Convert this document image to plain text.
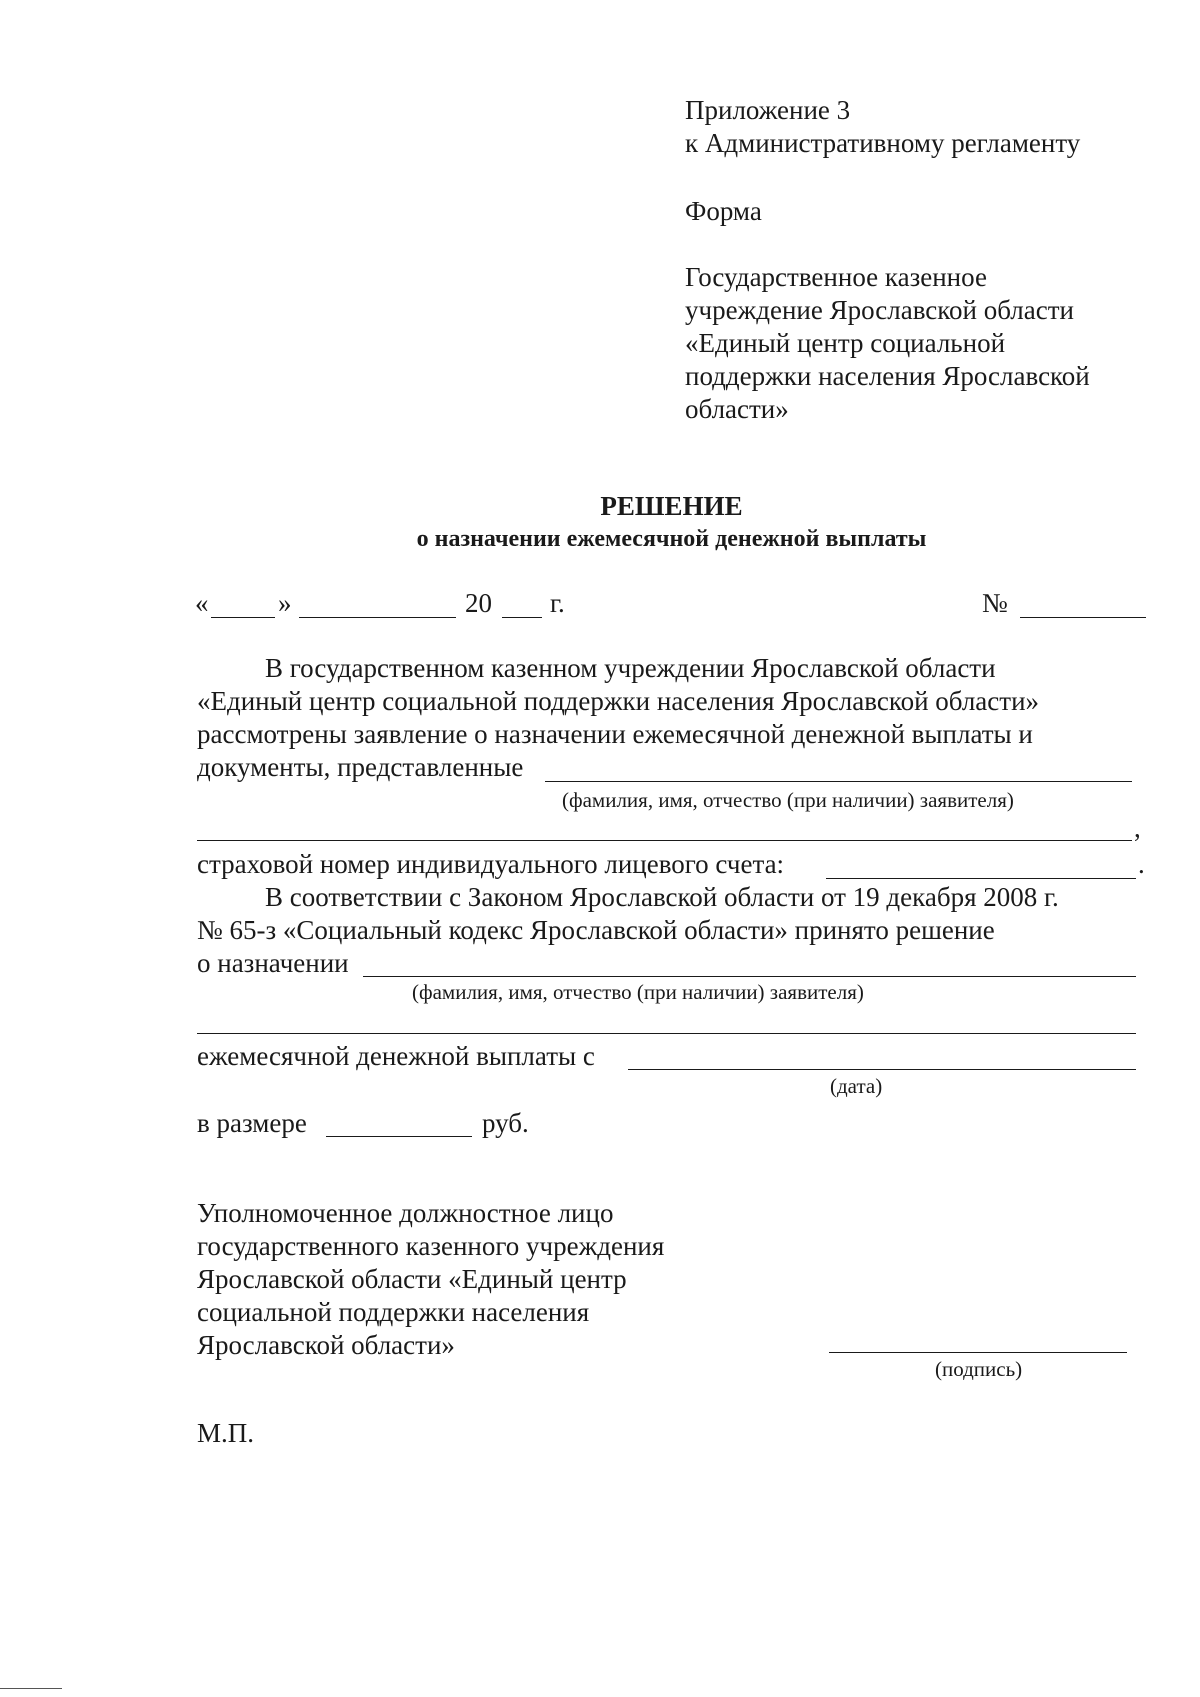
Приложение 3
к Административному регламенту
Форма
Государственное казенное
учреждение Ярославской области
«Единый центр социальной
поддержки населения Ярославской
области»
РЕШЕНИЕ
о назначении ежемесячной денежной выплаты
«	»	20 г.	№
В государственном казенном учреждении Ярославской области
«Единый центр социальной поддержки населения Ярославской области»
рассмотрены заявление о назначении ежемесячной денежной выплаты и
документы, представленные
(фамилия, имя, отчество (при наличии) заявителя)
,
страховой номер индивидуального лицевого счета:	.
В соответствии с Законом Ярославской области от 19 декабря 2008 г.
№ 65-з «Социальный кодекс Ярославской области» принято решение
о назначении
(фамилия, имя, отчество (при наличии) заявителя)
ежемесячной денежной выплаты с
(дата)
в размере	руб.
Уполномоченное должностное лицо
государственного казенного учреждения
Ярославской области «Единый центр
социальной поддержки населения
Ярославской области»
(подпись)
М.П.
